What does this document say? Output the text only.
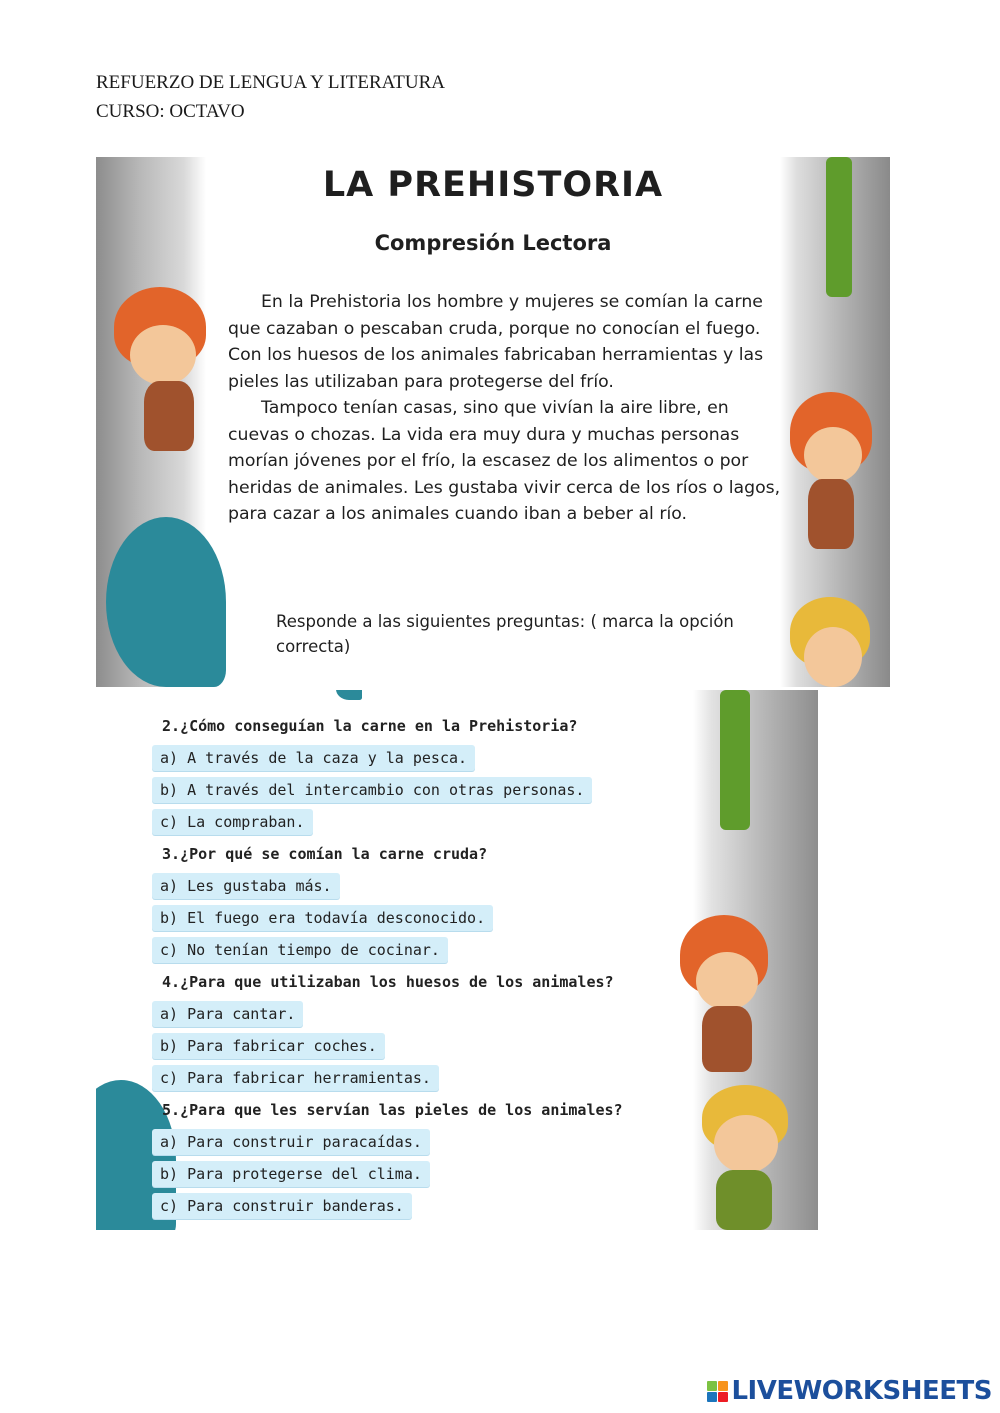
REFUERZO DE LENGUA Y LITERATURA
CURSO: OCTAVO
LA PREHISTORIA
Compresión Lectora

En la Prehistoria los hombre y mujeres se comían la carne que cazaban o pescaban cruda, porque no conocían el fuego. Con los huesos de los animales fabricaban herramientas y las pieles las utilizaban para protegerse del frío.

Tampoco tenían casas, sino que vivían la aire libre, en cuevas o chozas. La vida era muy dura y muchas personas morían jóvenes por el frío, la escasez de los alimentos o por heridas de animales. Les gustaba vivir cerca de los ríos o lagos, para cazar a los animales cuando iban a beber al río.

Responde a las siguientes preguntas: ( marca la opción correcta)
2.¿Cómo conseguían la carne en la Prehistoria?
a) A través de la caza y la pesca.
b) A través del intercambio con otras personas.
c) La compraban.
3.¿Por qué se comían la carne cruda?
a) Les gustaba más.
b) El fuego era todavía desconocido.
c) No tenían tiempo de cocinar.
4.¿Para que utilizaban los huesos de los animales?
a) Para cantar.
b) Para fabricar coches.
c) Para fabricar herramientas.
5.¿Para que les servían las pieles de los animales?
a) Para construir paracaídas.
b) Para protegerse del clima.
c) Para construir banderas.
LIVEWORKSHEETS
